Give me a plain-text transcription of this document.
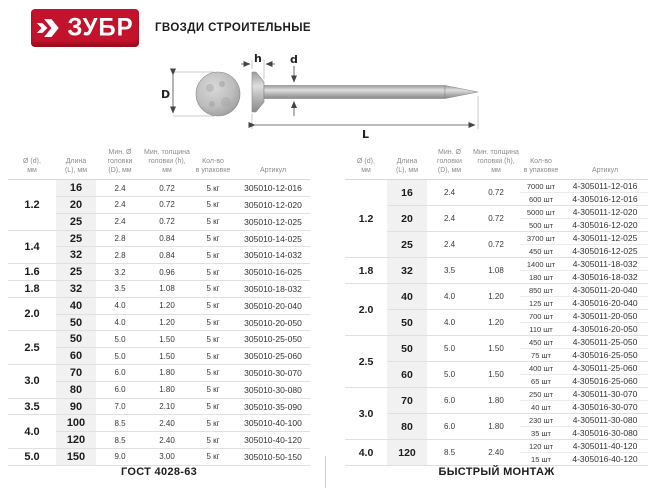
ЗУБР ГВОЗДИ СТРОИТЕЛЬНЫЕ
D
h	d
L
Ø (d),
мм

Длина
(L), мм

Мин. Ø головки
(D), мм

Мин. толщина
головки (h), мм

Кол-во
в упаковке	Артикул

1.2	16	2.4	0.72	5 кг	305010-12-016
	20	2.4	0.72	5 кг	305010-12-020
	25	2.4	0.72	5 кг	305010-12-025
1.4	25	2.8	0.84	5 кг	305010-14-025
	32	2.8	0.84	5 кг	305010-14-032
1.6	25	3.2	0.96	5 кг	305010-16-025
1.8	32	3.5	1.08	5 кг	305010-18-032
2.0	40	4.0	1.20	5 кг	305010-20-040
	50	4.0	1.20	5 кг	305010-20-050
2.5	50	5.0	1.50	5 кг	305010-25-050
	60	5.0	1.50	5 кг	305010-25-060
3.0	70	6.0	1.80	5 кг	305010-30-070
	80	6.0	1.80	5 кг	305010-30-080
3.5	90	7.0	2.10	5 кг	305010-35-090
4.0	100	8.5	2.40	5 кг	305010-40-100
	120	8.5	2.40	5 кг	305010-40-120
5.0	150	9.0	3.00	5 кг	305010-50-150
Ø (d),
мм

Длина
(L), мм

Мин. Ø головки
(D), мм

Мин. толщина
головки (h), мм

Кол-во
в упаковке	Артикул

1.2	16	2.4	0.72	7000 шт	4-305011-12-016
				600 шт	4-305016-12-016
	20	2.4	0.72	5000 шт	4-305011-12-020
				500 шт	4-305016-12-020
	25	2.4	0.72	3700 шт	4-305011-12-025
				450 шт	4-305016-12-025
1.8	32	3.5	1.08	1400 шт	4-305011-18-032
				180 шт	4-305016-18-032
2.0	40	4.0	1.20	850 шт	4-305011-20-040
				125 шт	4-305016-20-040
	50	4.0	1.20	700 шт	4-305011-20-050
				110 шт	4-305016-20-050
2.5	50	5.0	1.50	450 шт	4-305011-25-050
				75 шт	4-305016-25-050
	60	5.0	1.50	400 шт	4-305011-25-060
				65 шт	4-305016-25-060
3.0	70	6.0	1.80	250 шт	4-305011-30-070
				40 шт	4-305016-30-070
	80	6.0	1.80	230 шт	4-305011-30-080
				35 шт	4-305016-30-080
4.0	120	8.5	2.40	120 шт	4-305011-40-120
				15 шт	4-305016-40-120
ГОСТ 4028-63	БЫСТРЫЙ МОНТАЖ
